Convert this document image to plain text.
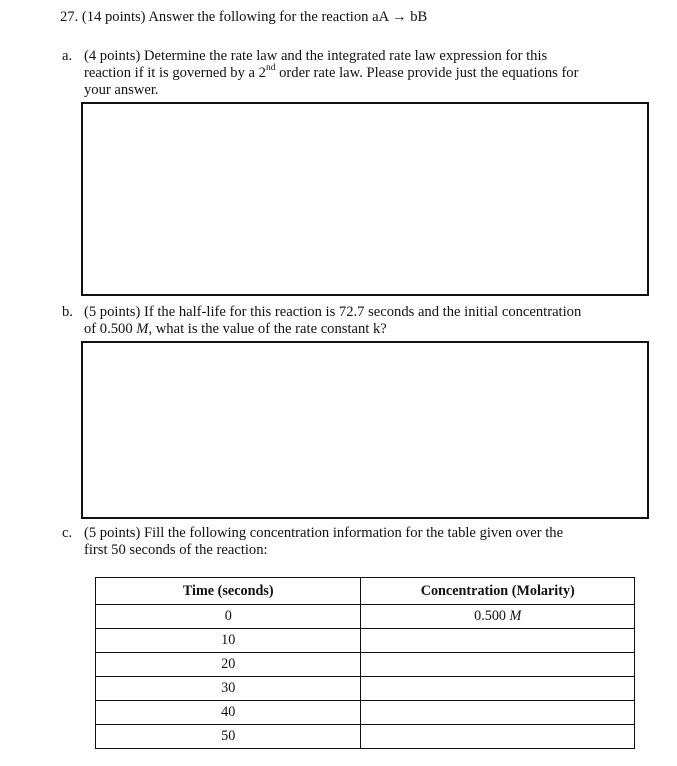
27. (14 points) Answer the following for the reaction aA → bB
a. (4 points) Determine the rate law and the integrated rate law expression for this
reaction if it is governed by a 2nd order rate law. Please provide just the equations for
your answer.
b. (5 points) If the half-life for this reaction is 72.7 seconds and the initial concentration
of 0.500 M, what is the value of the rate constant k?
c. (5 points) Fill the following concentration information for the table given over the
first 50 seconds of the reaction:
Time (seconds)	Concentration (Molarity)
0	0.500 M
10	
20	
30	
40	
50	
